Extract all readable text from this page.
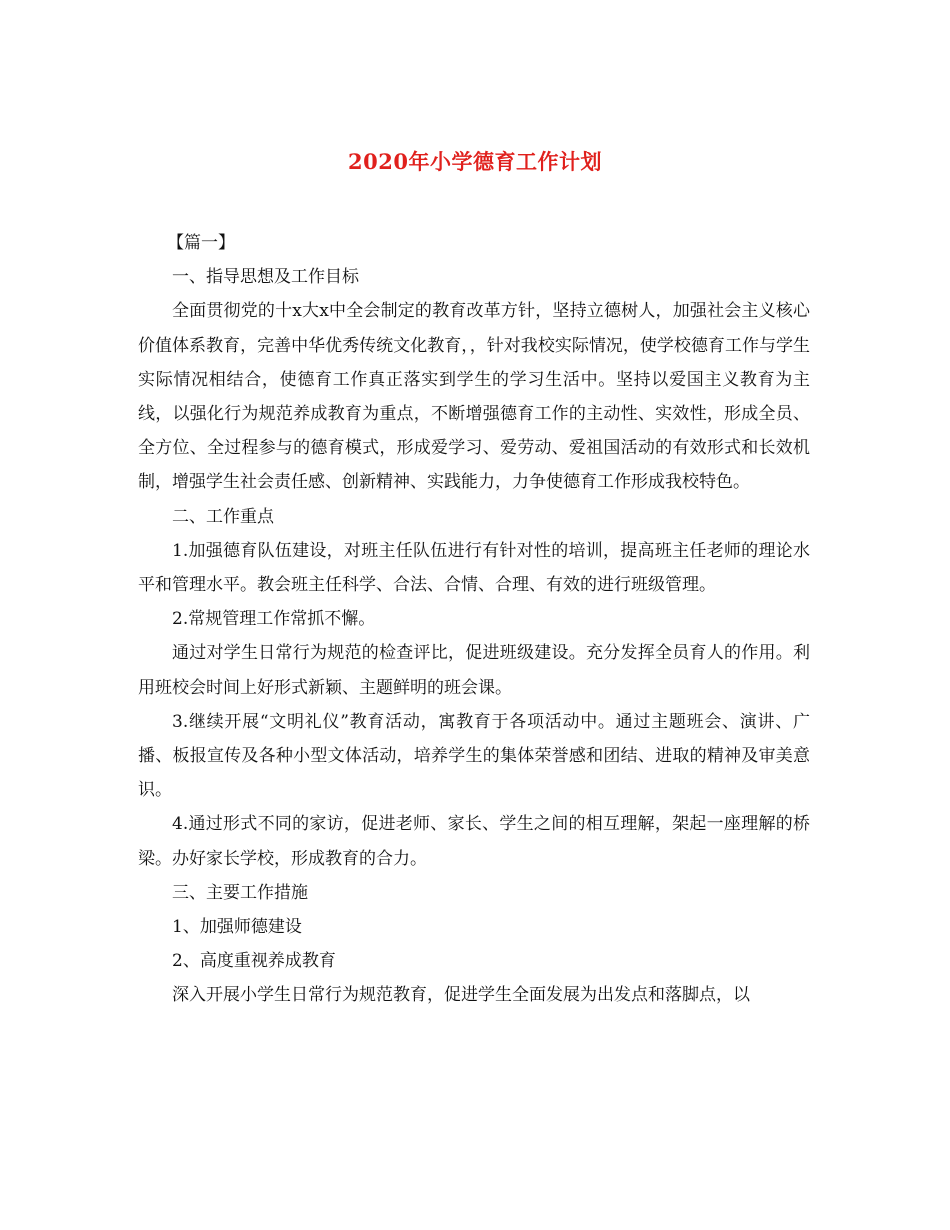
2020年小学德育工作计划

【篇一】

一、指导思想及工作目标

全面贯彻党的十x大x中全会制定的教育改革方针，坚持立德树人，加强社会主义核心价值体系教育，完善中华优秀传统文化教育，，针对我校实际情况，使学校德育工作与学生实际情况相结合，使德育工作真正落实到学生的学习生活中。坚持以爱国主义教育为主线，以强化行为规范养成教育为重点，不断增强德育工作的主动性、实效性，形成全员、全方位、全过程参与的德育模式，形成爱学习、爱劳动、爱祖国活动的有效形式和长效机制，增强学生社会责任感、创新精神、实践能力，力争使德育工作形成我校特色。

二、工作重点

1.加强德育队伍建设，对班主任队伍进行有针对性的培训，提高班主任老师的理论水平和管理水平。教会班主任科学、合法、合情、合理、有效的进行班级管理。

2.常规管理工作常抓不懈。

通过对学生日常行为规范的检查评比，促进班级建设。充分发挥全员育人的作用。利用班校会时间上好形式新颖、主题鲜明的班会课。

3.继续开展“文明礼仪”教育活动，寓教育于各项活动中。通过主题班会、演讲、广播、板报宣传及各种小型文体活动，培养学生的集体荣誉感和团结、进取的精神及审美意识。

4.通过形式不同的家访，促进老师、家长、学生之间的相互理解，架起一座理解的桥梁。办好家长学校，形成教育的合力。

三、主要工作措施

1、加强师德建设

2、高度重视养成教育

深入开展小学生日常行为规范教育，促进学生全面发展为出发点和落脚点，以
